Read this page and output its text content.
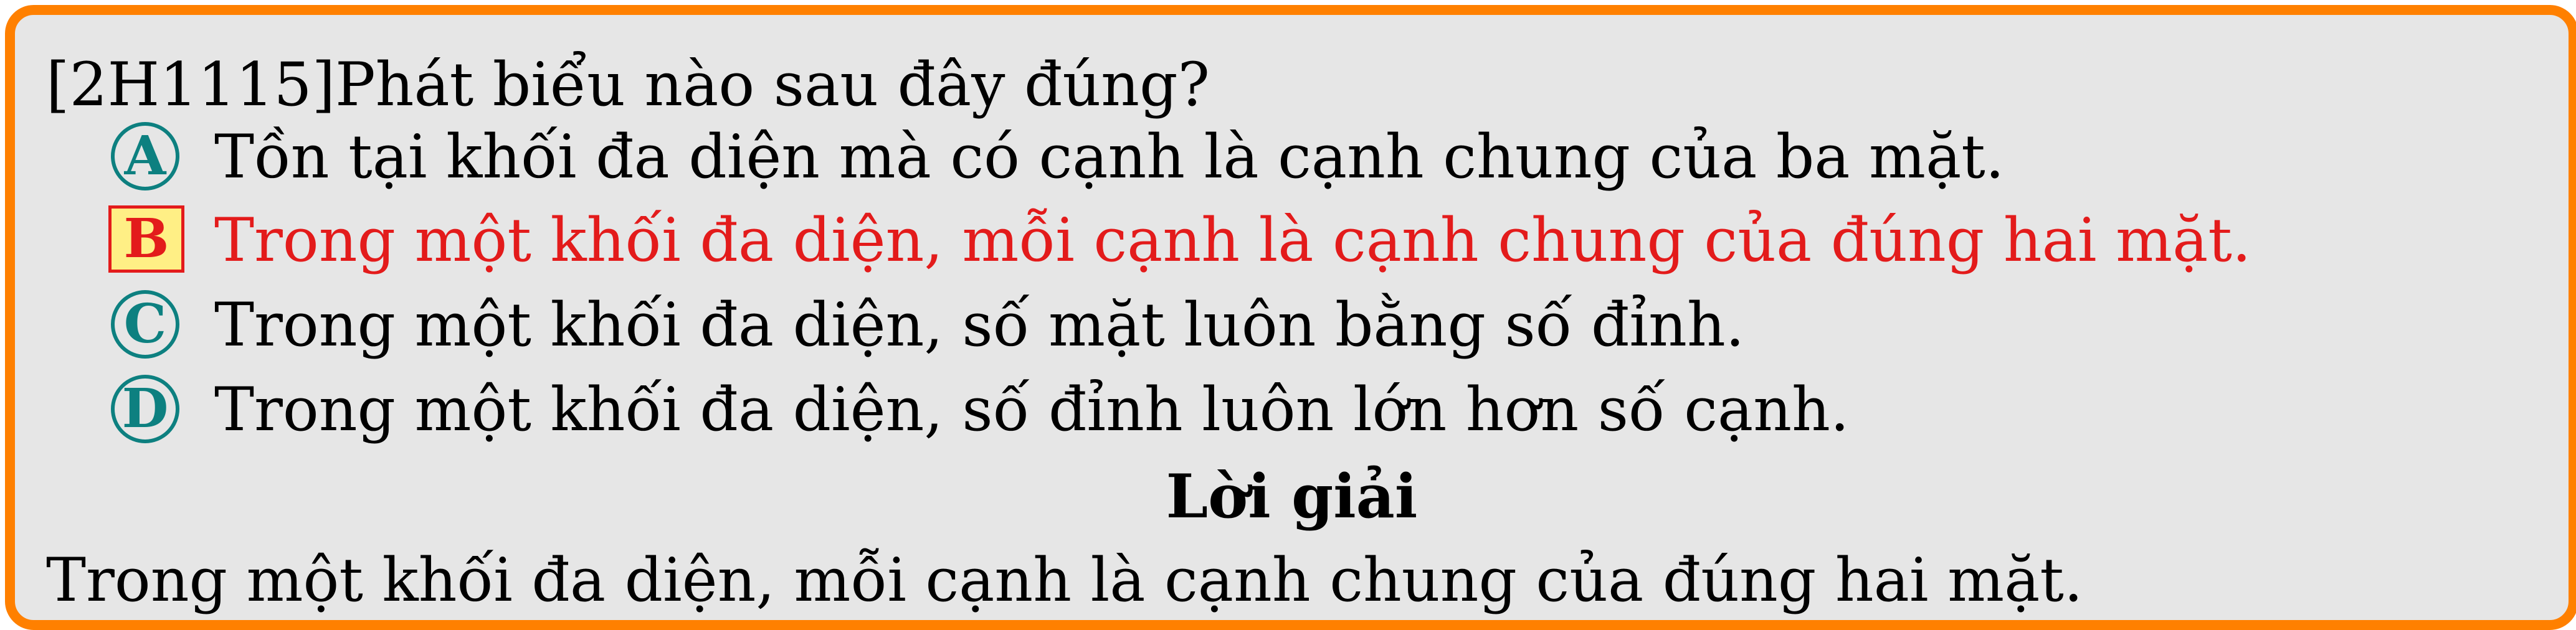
[2H1115]Phát biểu nào sau đây đúng?
A Tồn tại khối đa diện mà có cạnh là cạnh chung của ba mặt.
B Trong một khối đa diện, mỗi cạnh là cạnh chung của đúng hai mặt.
C Trong một khối đa diện, số mặt luôn bằng số đỉnh.
D Trong một khối đa diện, số đỉnh luôn lớn hơn số cạnh.
Lời giải
Trong một khối đa diện, mỗi cạnh là cạnh chung của đúng hai mặt.
